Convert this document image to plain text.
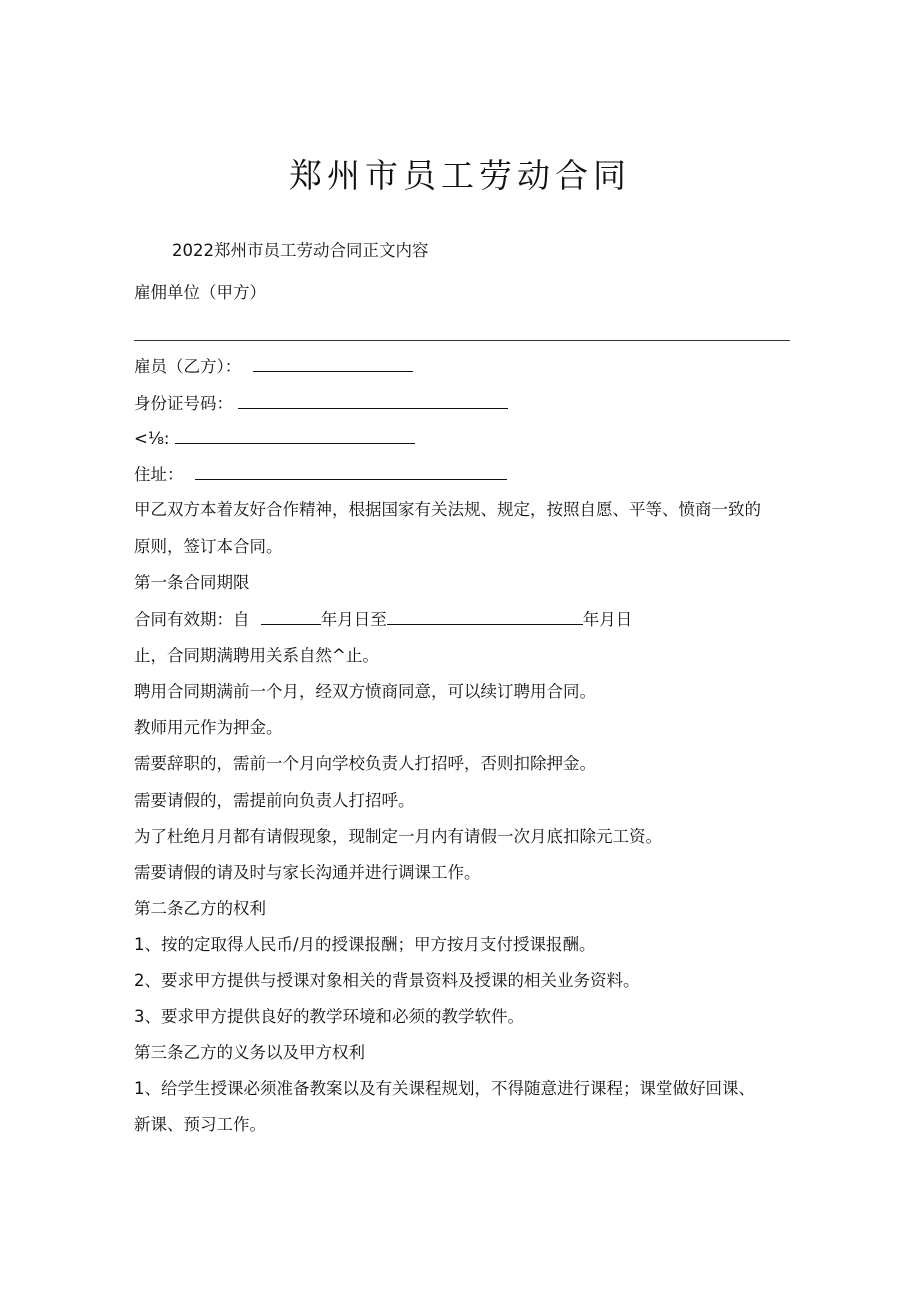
郑州市员工劳动合同
2022郑州市员工劳动合同正文内容
雇佣单位（甲方）
雇员（乙方）：
身份证号码：
<⅛:
住址：
甲乙双方本着友好合作精神，根据国家有关法规、规定，按照自愿、平等、愤商一致的
原则，签订本合同。
第一条合同期限
合同有效期：自	年月日至	年月日
止，合同期满聘用关系自然^止。
聘用合同期满前一个月，经双方愤商同意，可以续订聘用合同。
教师用元作为押金。
需要辞职的，需前一个月向学校负责人打招呼，否则扣除押金。
需要请假的，需提前向负责人打招呼。
为了杜绝月月都有请假现象，现制定一月内有请假一次月底扣除元工资。
需要请假的请及时与家长沟通并进行调课工作。
第二条乙方的权利
1、按的定取得人民币/月的授课报酬；甲方按月支付授课报酬。
2、要求甲方提供与授课对象相关的背景资料及授课的相关业务资料。
3、要求甲方提供良好的教学环境和必须的教学软件。
第三条乙方的义务以及甲方权利
1、给学生授课必须准备教案以及有关课程规划，不得随意进行课程；课堂做好回课、
新课、预习工作。
